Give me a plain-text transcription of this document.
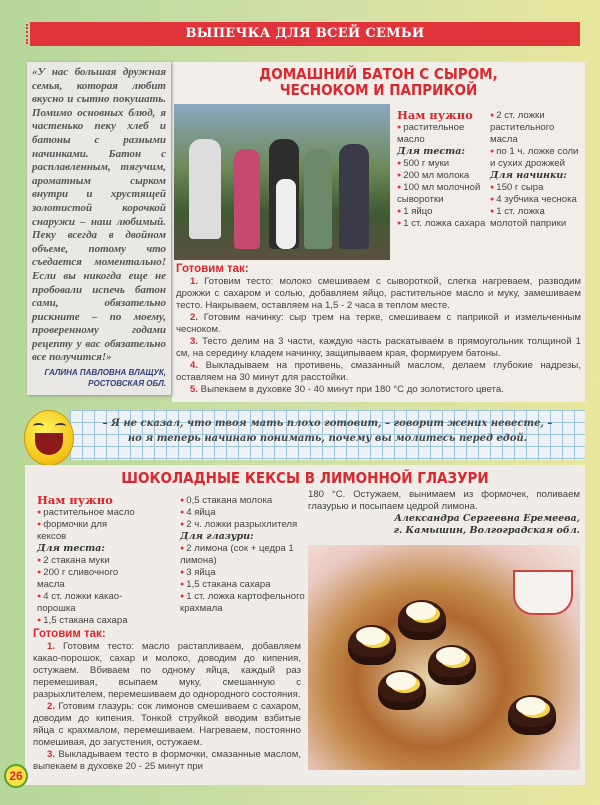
ВЫПЕЧКА ДЛЯ ВСЕЙ СЕМЬИ
«У нас большая дружная семья, которая любит вкусно и сытно покушать. Помимо основных блюд, я частенько пеку хлеб и батоны с разными начинками. Батон с расплавленным, тягучим, ароматным сырком внутри и хрустящей золотистой корочкой снаружи – наш любимый. Пеку всегда в двойном объеме, потому что съедается моментально! Если вы никогда еще не пробовали испечь батон сами, обязательно рискните – по моему, проверенному годами рецепту у вас обязательно все получится!»
ГАЛИНА ПАВЛОВНА ВЛАЩУК,
РОСТОВСКАЯ ОБЛ.
ДОМАШНИЙ БАТОН С СЫРОМ, ЧЕСНОКОМ И ПАПРИКОЙ
Нам нужно
● растительное масло
Для теста:
● 500 г муки
● 200 мл молока
● 100 мл молочной сыворотки
● 1 яйцо
● 1 ст. ложка сахара
● 2 ст. ложки растительного масла
● по 1 ч. ложке соли и сухих дрожжей
Для начинки:
● 150 г сыра
● 4 зубчика чеснока
● 1 ст. ложка молотой паприки
Готовим так:

1. Готовим тесто: молоко смешиваем с сывороткой, слегка нагреваем, разводим дрожжи с сахаром и солью, добавляем яйцо, растительное масло и муку, замешиваем тесто. Накрываем, оставляем на 1,5 - 2 часа в теплом месте.

2. Готовим начинку: сыр трем на терке, смешиваем с паприкой и измельченным чесноком.

3. Тесто делим на 3 части, каждую часть раскатываем в прямоугольник толщиной 1 см, на середину кладем начинку, защипываем края, формируем батоны.

4. Выкладываем на противень, смазанный маслом, делаем глубокие надрезы, оставляем на 30 минут для расстойки.

5. Выпекаем в духовке 30 - 40 минут при 180 °C до золотистого цвета.

– Я не сказал, что твоя мать плохо готовит, – говорит жених невесте, –
но я теперь начинаю понимать, почему вы молитесь перед едой.
ШОКОЛАДНЫЕ КЕКСЫ В ЛИМОННОЙ ГЛАЗУРИ
Нам нужно
● растительное масло
● формочки для кексов
Для теста:
● 2 стакана муки
● 200 г сливочного масла
● 4 ст. ложки какао-порошка
● 1,5 стакана сахара
● 0,5 стакана молока
● 4 яйца
● 2 ч. ложки разрыхлителя
Для глазури:
● 2 лимона (сок + цедра 1 лимона)
● 3 яйца
● 1,5 стакана сахара
● 1 ст. ложка картофельного крахмала
Готовим так:

1. Готовим тесто: масло растапливаем, добавляем какао-порошок, сахар и молоко, доводим до кипения, остужаем. Вбиваем по одному яйца, каждый раз перемешивая, всыпаем муку, смешанную с разрыхлителем, перемешиваем до однородного состояния.

2. Готовим глазурь: сок лимонов смешиваем с сахаром, доводим до кипения. Тонкой струйкой вводим взбитые яйца с крахмалом, перемешиваем. Нагреваем, постоянно помешивая, до загустения, остужаем.

3. Выкладываем тесто в формочки, смазанные маслом, выпекаем в духовке 20 - 25 минут при

180 °C. Остужаем, вынимаем из формочек, поливаем глазурью и посыпаем цедрой лимона.
Александра Сергеевна Еремеева,
г. Камышин, Волгоградская обл.
26
